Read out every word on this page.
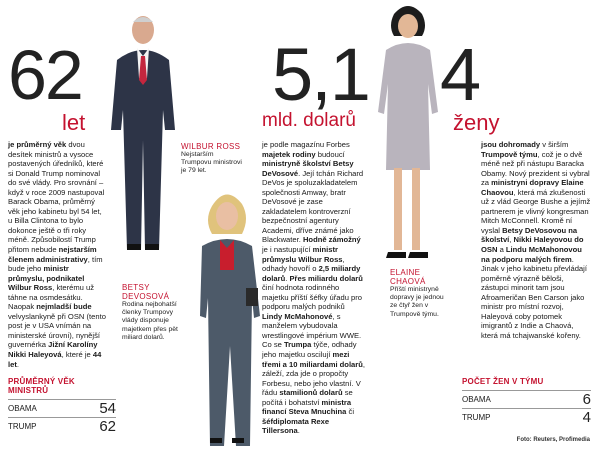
62
let
5,1
mld. dolarů
4
ženy
WILBUR ROSS
Nejstarším Trumpovu ministrovi je 79 let.
BETSY DEVOSOVÁ
Rodina nejbohatší členky Trumpovy vlády disponuje majetkem přes pět miliard dolarů.
ELAINE CHAOVÁ
Příští ministryně dopravy je jednou ze čtyř žen v Trumpově týmu.
je průměrný věk dvou desítek ministrů a vysoce postavených úředníků, které si Donald Trump nominoval do své vlády. Pro srovnání – když v roce 2009 nastupoval Barack Obama, průměrný věk jeho kabinetu byl 54 let, u Billa Clintona to bylo dokonce ještě o tři roky méně. Způsobilostí Trump přitom nebude nejstarším členem administrativy, tím bude jeho ministr průmyslu, podnikatel Wilbur Ross, kterému už táhne na osmdesátku. Naopak nejmladší bude velvyslankyně při OSN (tento post je v USA vnímán na ministerské úrovni), nynější guvernérka Jižní Karolíny Nikki Haleyová, které je 44 let.
je podle magazínu Forbes majetek rodiny budoucí ministryně školství Betsy DeVosové. Její tchán Richard DeVos je spoluzakladatelem společnosti Amway, bratr DeVosové je zase zakladatelem kontroverzní bezpečnostní agentury Academi, dříve známé jako Blackwater. Hodně zámožný je i nastupující ministr průmyslu Wilbur Ross, odhady hovoří o 2,5 miliardy dolarů. Přes miliardu dolarů činí hodnota rodinného majetku příští šéfky úřadu pro podporu malých podniků Lindy McMahonové, s manželem vybudovala wrestlingové impérium WWE. Co se Trumpa týče, odhady jeho majetku oscilují mezi třemi a 10 miliardami dolarů, záleží, zda jde o propočty Forbesu, nebo jeho vlastní. V řádu stamilionů dolarů se počítá i bohatství ministra financí Steva Mnuchina či šéfdiplomata Rexe Tillersona.
jsou dohromady v širším Trumpově týmu, což je o dvě méně než při nástupu Baracka Obamy. Nový prezident si vybral za ministryni dopravy Elaine Chaovou, která má zkušenosti už z vlád George Bushe a jejímž partnerem je vlivný kongresman Mitch McConnell. Kromě ní vyslal Betsy DeVosovou na školství, Nikki Haleyovou do OSN a Lindu McMahonovou na podporu malých firem. Jinak v jeho kabinetu převládají poměrně výrazně běloši, zástupci minorit tam jsou Afroameričan Ben Carson jako ministr pro místní rozvoj, Haleyová coby potomek imigrantů z Indie a Chaová, která má tchajwanské kořeny.
PRŮMĚRNÝ VĚK MINISTRŮ
OBAMA	54
TRUMP	62
POČET ŽEN V TÝMU
OBAMA	6
TRUMP	4
Foto: Reuters, Profimedia
